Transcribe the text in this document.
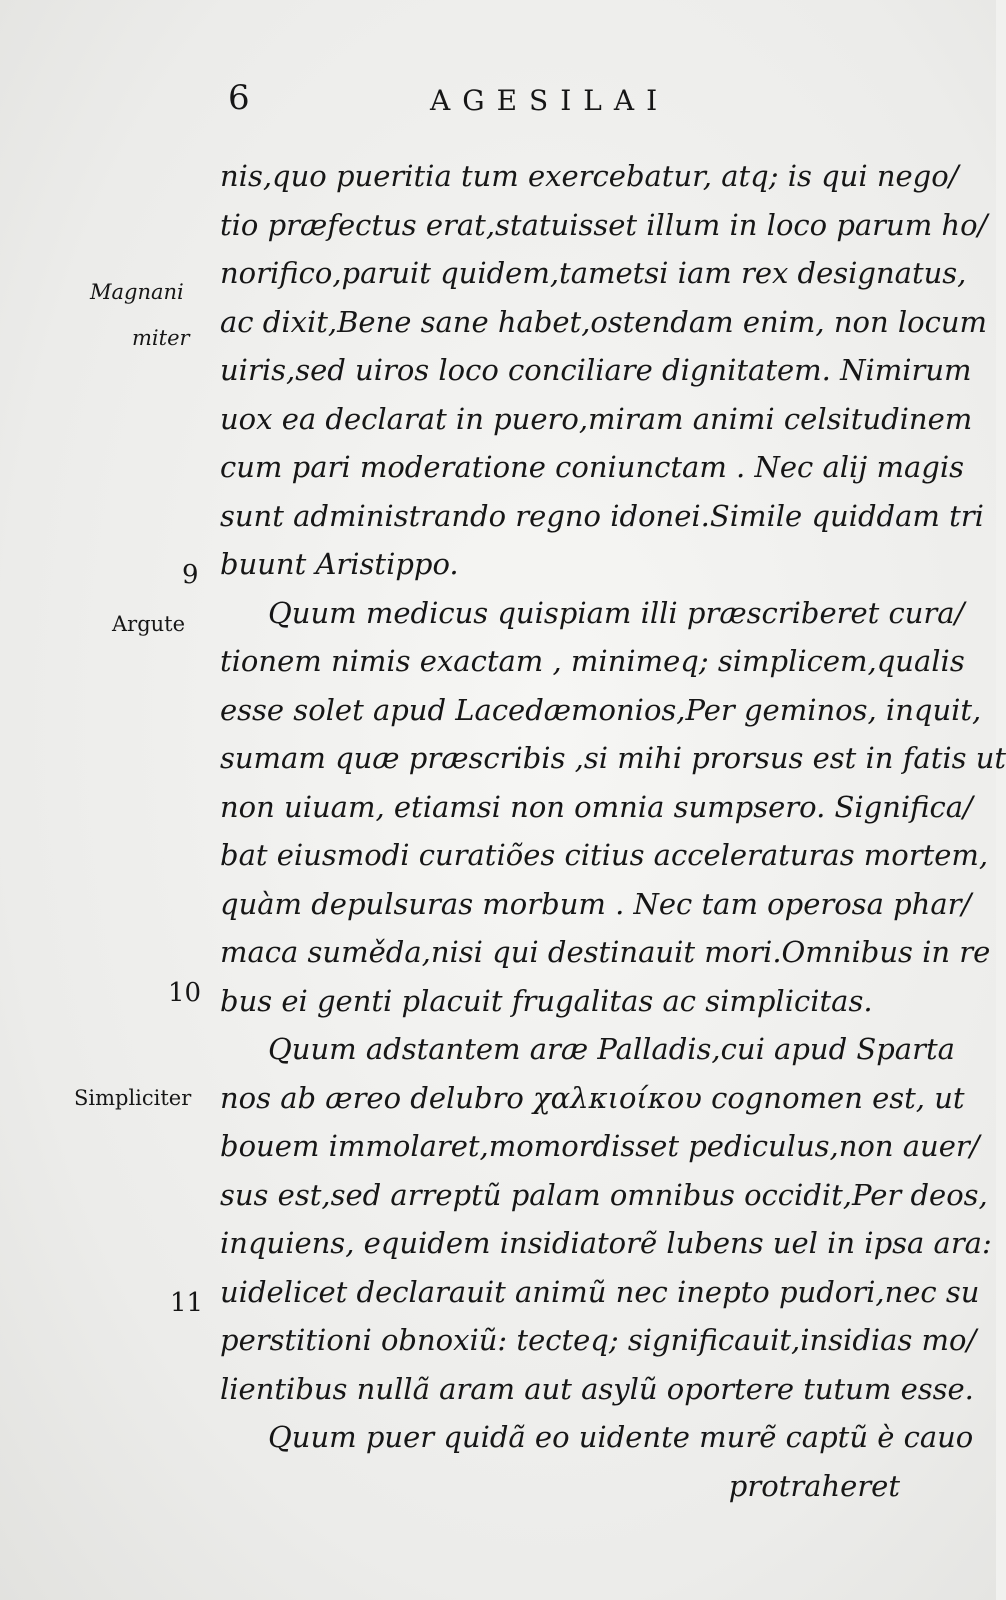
6	AGESILAI
Magnani
miter
Argute
Simpliciter
9
10
11
nis,quo pueritia tum exercebatur, atq; is qui nego/
tio præfectus erat,statuisset illum in loco parum ho/
norifico,paruit quidem,tametsi iam rex designatus,
ac dixit,Bene sane habet,ostendam enim, non locum
uiris,sed uiros loco conciliare dignitatem. Nimirum
uox ea declarat in puero,miram animi celsitudinem
cum pari moderatione coniunctam . Nec alij magis
sunt administrando regno idonei.Simile quiddam tri
buunt Aristippo.
Quum medicus quispiam illi præscriberet cura/
tionem nimis exactam , minimeq; simplicem,qualis
esse solet apud Lacedæmonios,Per geminos, inquit,
sumam quæ præscribis ,si mihi prorsus est in fatis ut
non uiuam, etiamsi non omnia sumpsero. Significa/
bat eiusmodi curatiões citius acceleraturas mortem,
quàm depulsuras morbum . Nec tam operosa phar/
maca suměda,nisi qui destinauit mori.Omnibus in re
bus ei genti placuit frugalitas ac simplicitas.
Quum adstantem aræ Palladis,cui apud Sparta
nos ab æreo delubro χαλκιοίκου cognomen est, ut
bouem immolaret,momordisset pediculus,non auer/
sus est,sed arreptũ palam omnibus occidit,Per deos,
inquiens, equidem insidiatorẽ lubens uel in ipsa ara:
uidelicet declarauit animũ nec inepto pudori,nec su
perstitioni obnoxiũ: tecteq; significauit,insidias mo/
lientibus nullã aram aut asylũ oportere tutum esse.
Quum puer quidã eo uidente murẽ captũ è cauo
protraheret
